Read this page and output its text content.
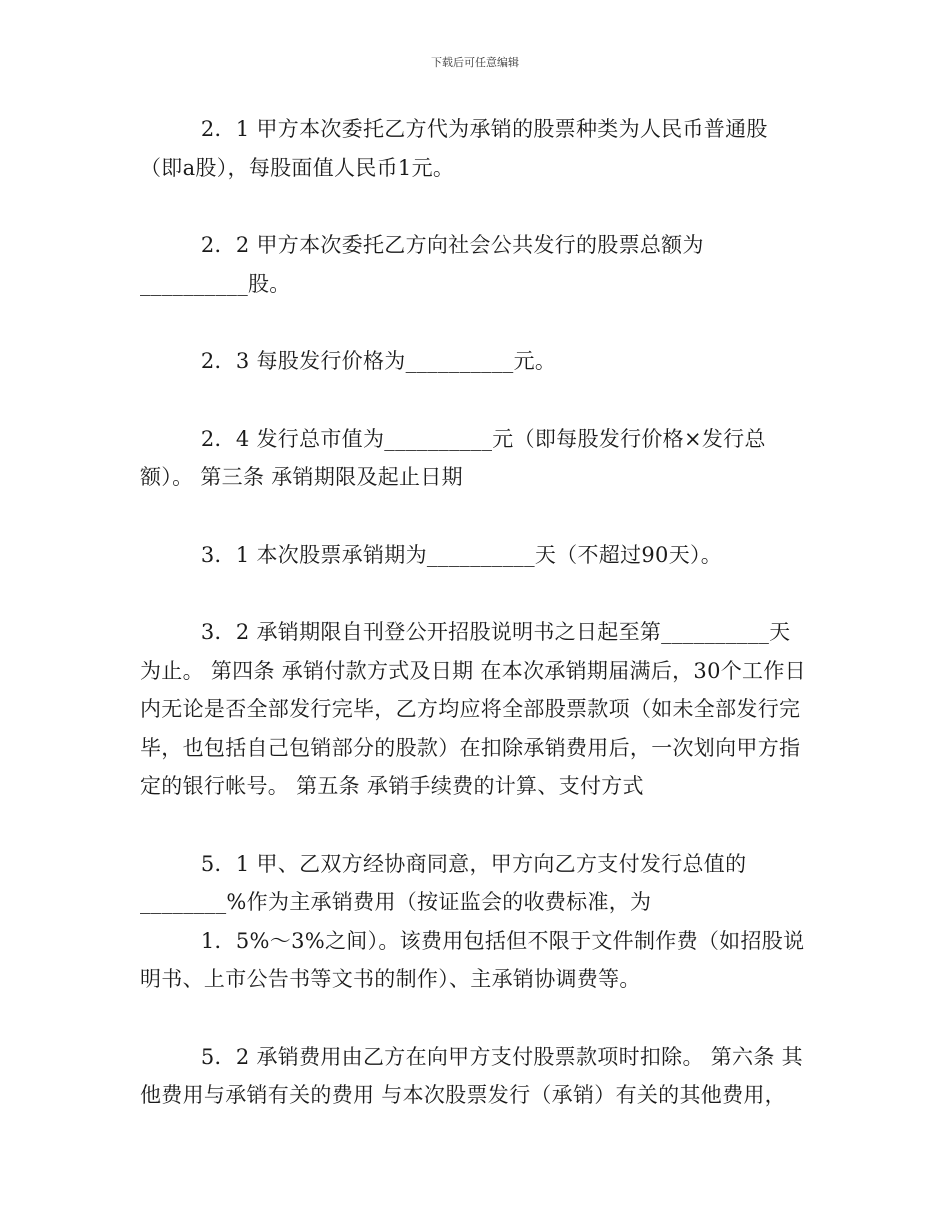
下载后可任意编辑

2．1 甲方本次委托乙方代为承销的股票种类为人民币普通股（即a股），每股面值人民币1元。

2．2 甲方本次委托乙方向社会公共发行的股票总额为__________股。

2．3 每股发行价格为__________元。

2．4 发行总市值为__________元（即每股发行价格×发行总额）。 第三条 承销期限及起止日期

3．1 本次股票承销期为__________天（不超过90天）。

3．2 承销期限自刊登公开招股说明书之日起至第__________天为止。 第四条 承销付款方式及日期 在本次承销期届满后，30个工作日内无论是否全部发行完毕，乙方均应将全部股票款项（如未全部发行完毕，也包括自己包销部分的股款）在扣除承销费用后，一次划向甲方指定的银行帐号。 第五条 承销手续费的计算、支付方式

5．1 甲、乙双方经协商同意，甲方向乙方支付发行总值的________%作为主承销费用（按证监会的收费标准，为

1．5%～3%之间）。该费用包括但不限于文件制作费（如招股说明书、上市公告书等文书的制作）、主承销协调费等。

5．2 承销费用由乙方在向甲方支付股票款项时扣除。 第六条 其他费用与承销有关的费用 与本次股票发行（承销）有关的其他费用，
